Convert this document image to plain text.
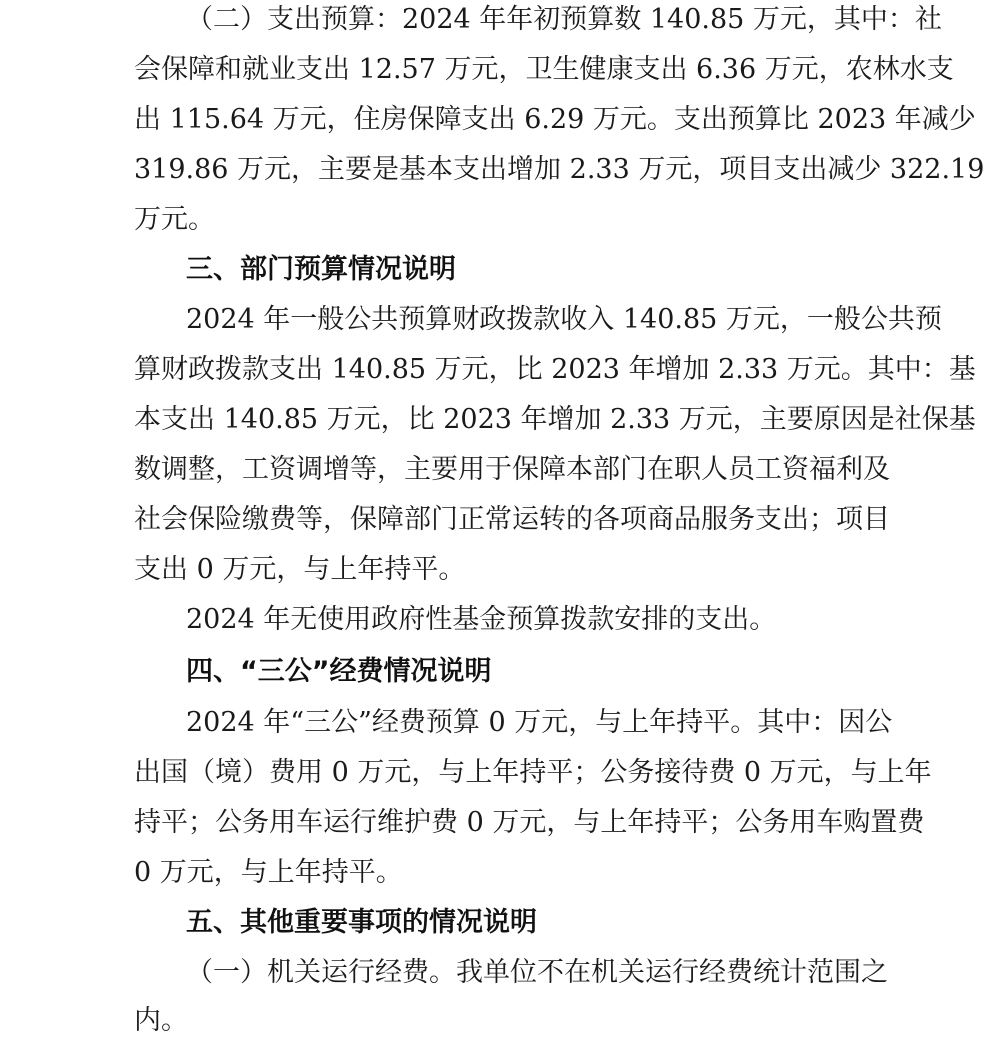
（二）支出预算：2024 年年初预算数 140.85 万元，其中：社
会保障和就业支出 12.57 万元，卫生健康支出 6.36 万元，农林水支
出 115.64 万元，住房保障支出 6.29 万元。支出预算比 2023 年减少
319.86 万元，主要是基本支出增加 2.33 万元，项目支出减少 322.19
万元。
三、部门预算情况说明
2024 年一般公共预算财政拨款收入 140.85 万元，一般公共预
算财政拨款支出 140.85 万元，比 2023 年增加 2.33 万元。其中：基
本支出 140.85 万元，比 2023 年增加 2.33 万元，主要原因是社保基
数调整，工资调增等，主要用于保障本部门在职人员工资福利及
社会保险缴费等，保障部门正常运转的各项商品服务支出；项目
支出 0 万元，与上年持平。
2024 年无使用政府性基金预算拨款安排的支出。
四、“三公”经费情况说明
2024 年“三公”经费预算 0 万元，与上年持平。其中：因公
出国（境）费用 0 万元，与上年持平；公务接待费 0 万元，与上年
持平；公务用车运行维护费 0 万元，与上年持平；公务用车购置费
0 万元，与上年持平。
五、其他重要事项的情况说明
（一）机关运行经费。我单位不在机关运行经费统计范围之
内。
